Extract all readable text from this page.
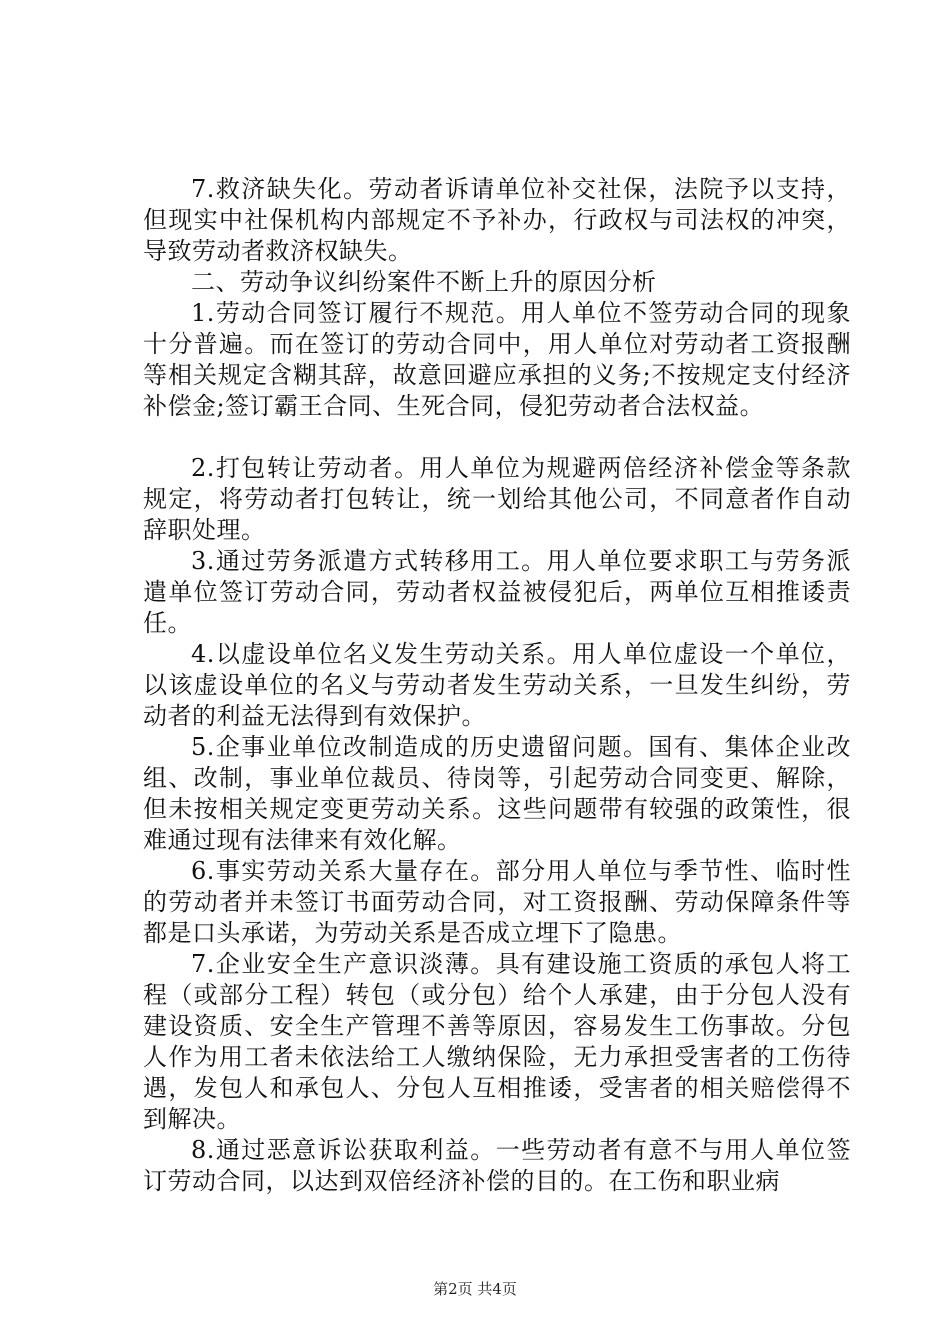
7.救济缺失化。劳动者诉请单位补交社保，法院予以支持，但现实中社保机构内部规定不予补办，行政权与司法权的冲突，导致劳动者救济权缺失。

二、劳动争议纠纷案件不断上升的原因分析

1.劳动合同签订履行不规范。用人单位不签劳动合同的现象十分普遍。而在签订的劳动合同中，用人单位对劳动者工资报酬等相关规定含糊其辞，故意回避应承担的义务;不按规定支付经济补偿金;签订霸王合同、生死合同，侵犯劳动者合法权益。

2.打包转让劳动者。用人单位为规避两倍经济补偿金等条款规定，将劳动者打包转让，统一划给其他公司，不同意者作自动辞职处理。

3.通过劳务派遣方式转移用工。用人单位要求职工与劳务派遣单位签订劳动合同，劳动者权益被侵犯后，两单位互相推诿责任。

4.以虚设单位名义发生劳动关系。用人单位虚设一个单位，以该虚设单位的名义与劳动者发生劳动关系，一旦发生纠纷，劳动者的利益无法得到有效保护。

5.企事业单位改制造成的历史遗留问题。国有、集体企业改组、改制，事业单位裁员、待岗等，引起劳动合同变更、解除，但未按相关规定变更劳动关系。这些问题带有较强的政策性，很难通过现有法律来有效化解。

6.事实劳动关系大量存在。部分用人单位与季节性、临时性的劳动者并未签订书面劳动合同，对工资报酬、劳动保障条件等都是口头承诺，为劳动关系是否成立埋下了隐患。

7.企业安全生产意识淡薄。具有建设施工资质的承包人将工程（或部分工程）转包（或分包）给个人承建，由于分包人没有建设资质、安全生产管理不善等原因，容易发生工伤事故。分包人作为用工者未依法给工人缴纳保险，无力承担受害者的工伤待遇，发包人和承包人、分包人互相推诿，受害者的相关赔偿得不到解决。

8.通过恶意诉讼获取利益。一些劳动者有意不与用人单位签订劳动合同，以达到双倍经济补偿的目的。在工伤和职业病

第2页 共4页
